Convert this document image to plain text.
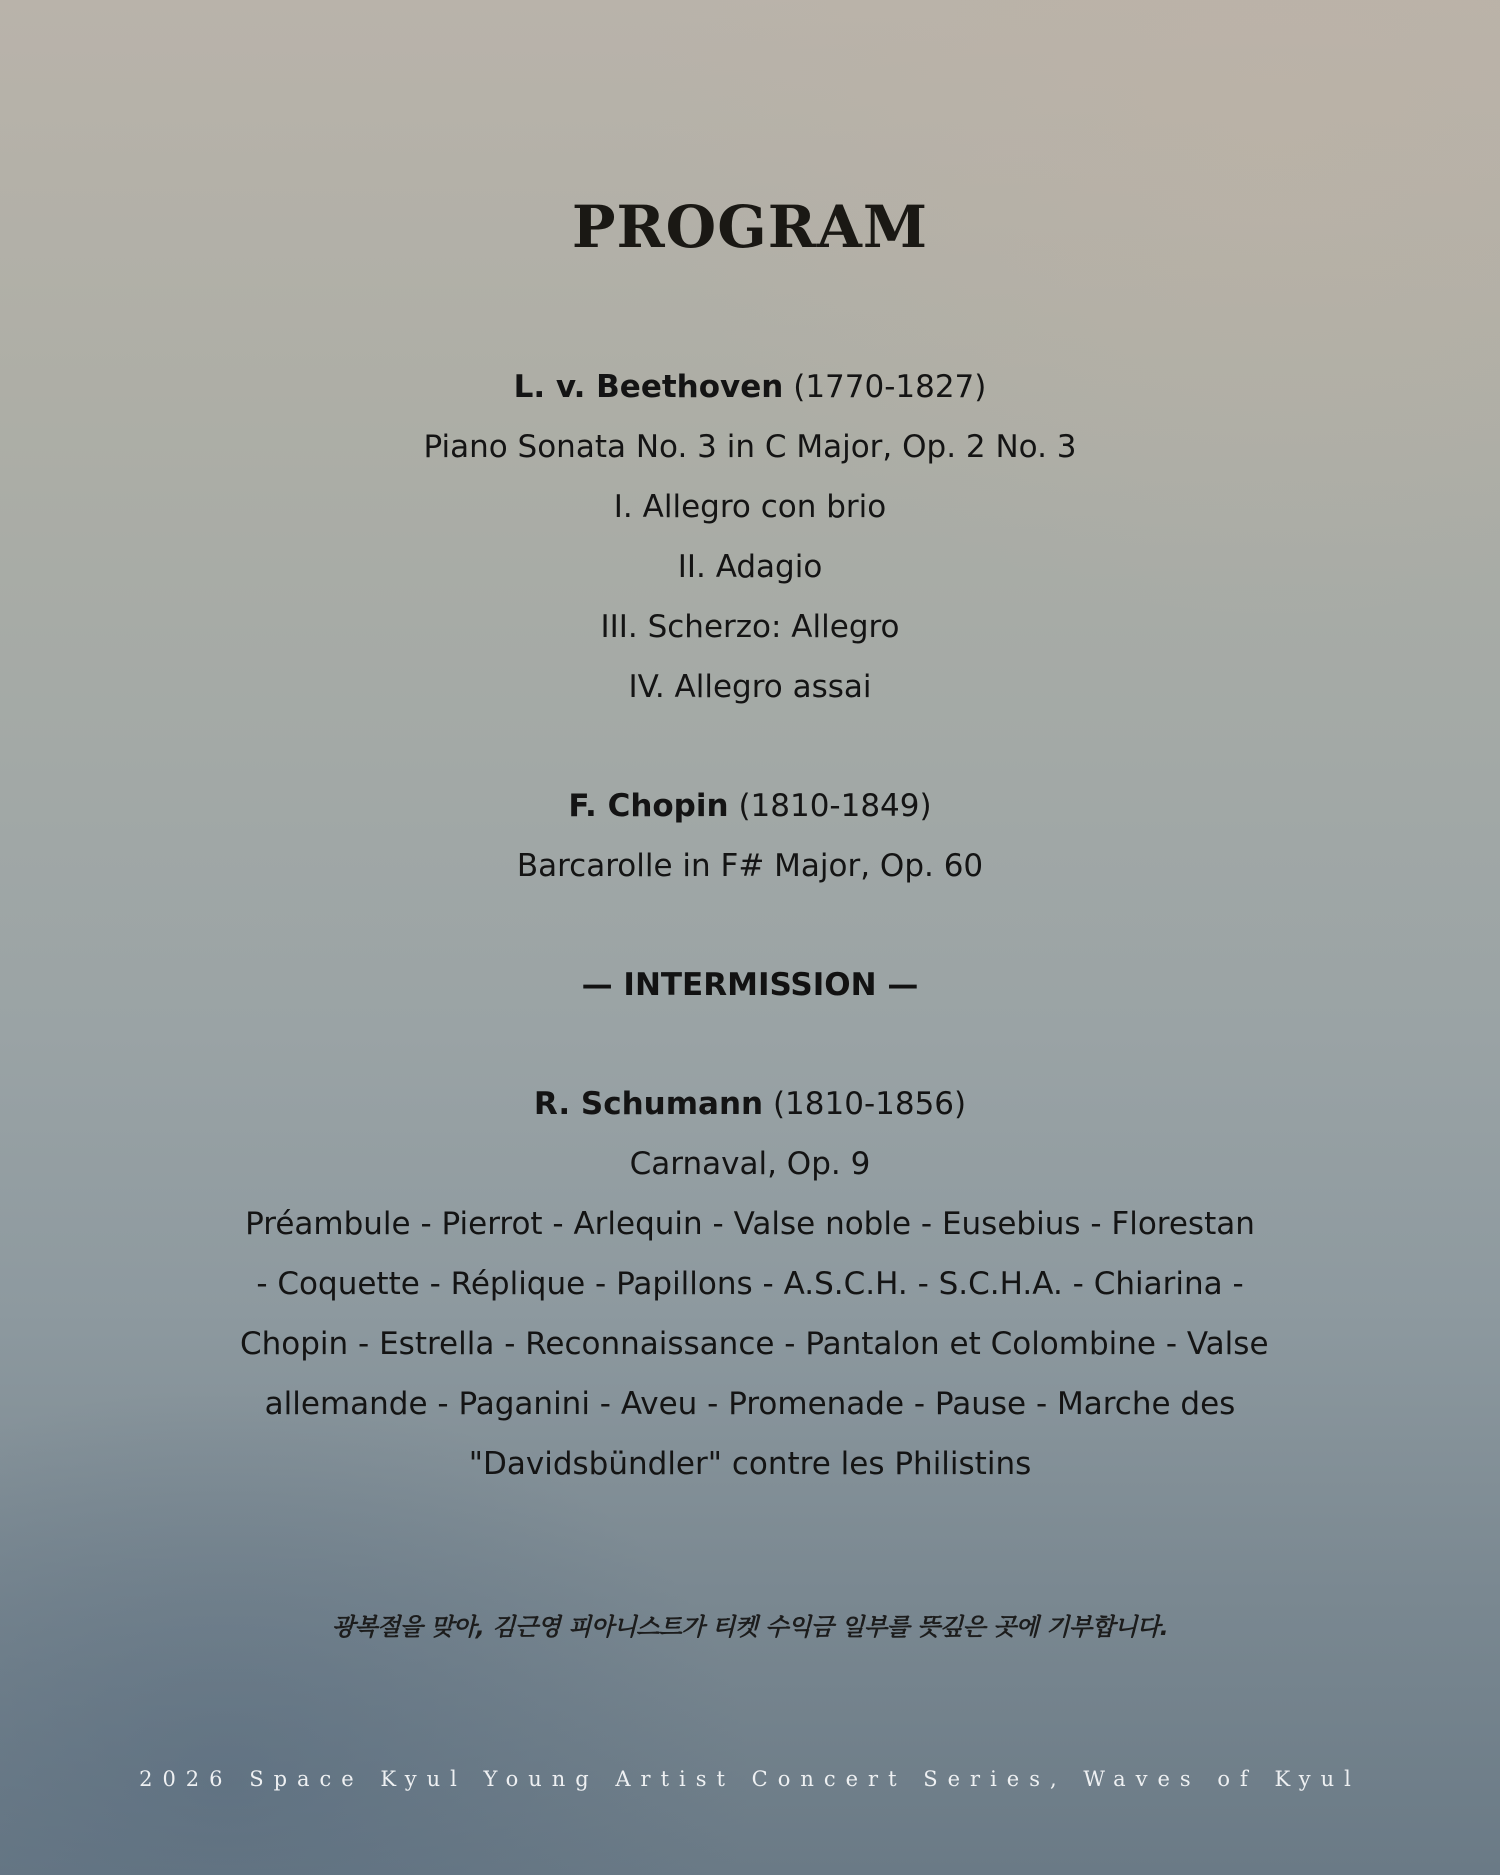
PROGRAM
L. v. Beethoven (1770-1827)
Piano Sonata No. 3 in C Major, Op. 2 No. 3
I. Allegro con brio
II. Adagio
III. Scherzo: Allegro
IV. Allegro assai
F. Chopin (1810-1849)
Barcarolle in F# Major, Op. 60
— INTERMISSION —
R. Schumann (1810-1856)
Carnaval, Op. 9
Préambule - Pierrot - Arlequin - Valse noble - Eusebius - Florestan
- Coquette - Réplique - Papillons - A.S.C.H. - S.C.H.A. - Chiarina -
Chopin - Estrella - Reconnaissance - Pantalon et Colombine - Valse
allemande - Paganini - Aveu - Promenade - Pause - Marche des
"Davidsbündler" contre les Philistins
광복절을 맞아, 김근영 피아니스트가 티켓 수익금 일부를 뜻깊은 곳에 기부합니다.
2026 Space Kyul Young Artist Concert Series, Waves of Kyul
